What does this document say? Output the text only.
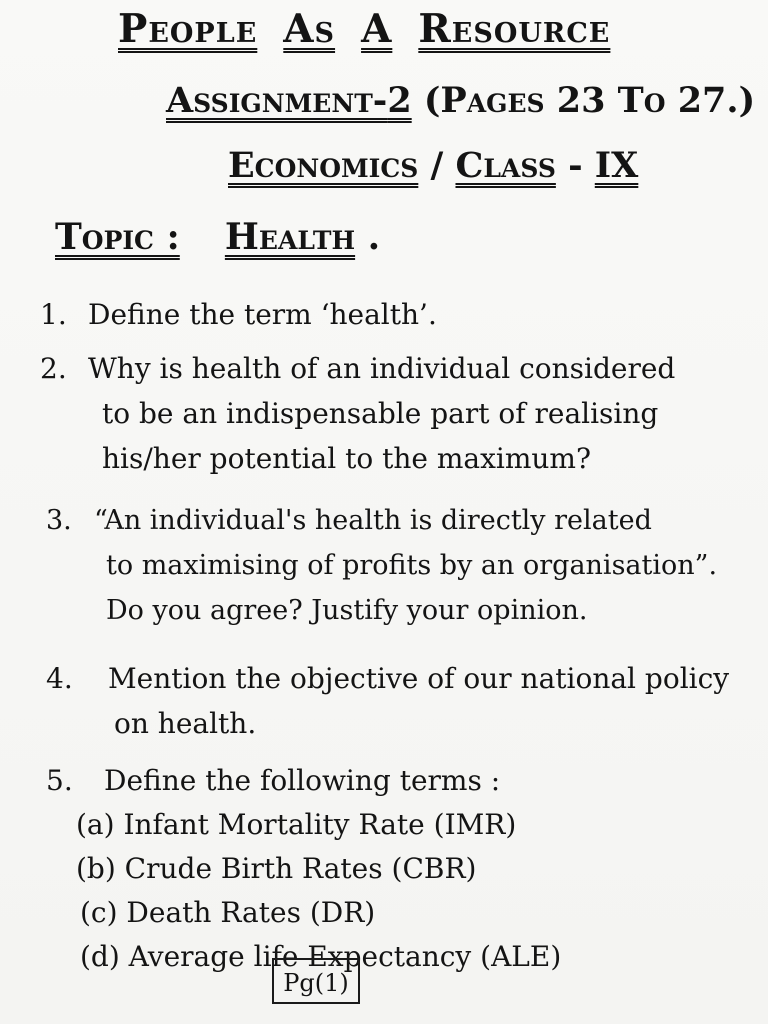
People As A Resource
Assignment-2 (Pages 23 To 27.)
Economics / Class - IX
Topic : Health .
1. Define the term ‘health’.
2. Why is health of an individual considered
to be an indispensable part of realising
his/her potential to the maximum?
3. “An individual's health is directly related
to maximising of profits by an organisation”.
Do you agree? Justify your opinion.
4. Mention the objective of our national policy
on health.
5. Define the following terms :
(a) Infant Mortality Rate (IMR)
(b) Crude Birth Rates (CBR)
(c) Death Rates (DR)
(d) Average life Expectancy (ALE)
Pg(1)
